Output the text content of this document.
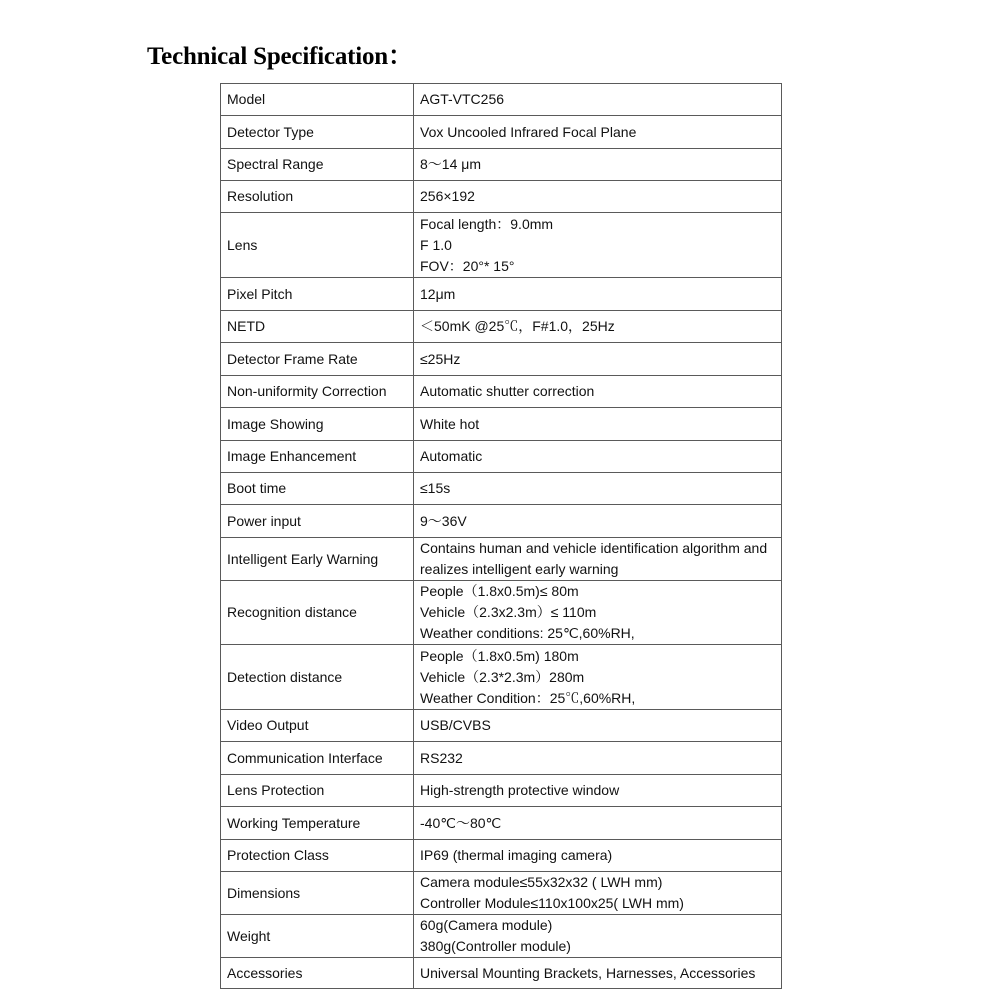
Technical Specification：
Model	AGT-VTC256

Detector Type	Vox Uncooled Infrared Focal Plane

Spectral Range	8～14 μm

Resolution	256×192

Lens	Focal length：9.0mm
F 1.0
FOV：20°* 15°

Pixel Pitch	12μm

NETD	＜50mK @25℃，F#1.0，25Hz

Detector Frame Rate	≤25Hz

Non-uniformity Correction	Automatic shutter correction

Image Showing	White hot

Image Enhancement	Automatic

Boot time	≤15s

Power input	9～36V

Intelligent Early Warning	Contains human and vehicle identification algorithm and
realizes intelligent early warning

Recognition distance	People（1.8x0.5m)≤ 80m
Vehicle（2.3x2.3m）≤ 110m
Weather conditions: 25℃,60%RH,

Detection distance	People（1.8x0.5m) 180m
Vehicle（2.3*2.3m）280m
Weather Condition：25℃,60%RH,

Video Output	USB/CVBS

Communication Interface	RS232

Lens Protection	High-strength protective window

Working Temperature	-40℃～80℃

Protection Class	IP69 (thermal imaging camera)

Dimensions	Camera module≤55x32x32 ( LWH mm)
Controller Module≤110x100x25( LWH mm)

Weight	60g(Camera module)
380g(Controller module)

Accessories	Universal Mounting Brackets, Harnesses, Accessories
